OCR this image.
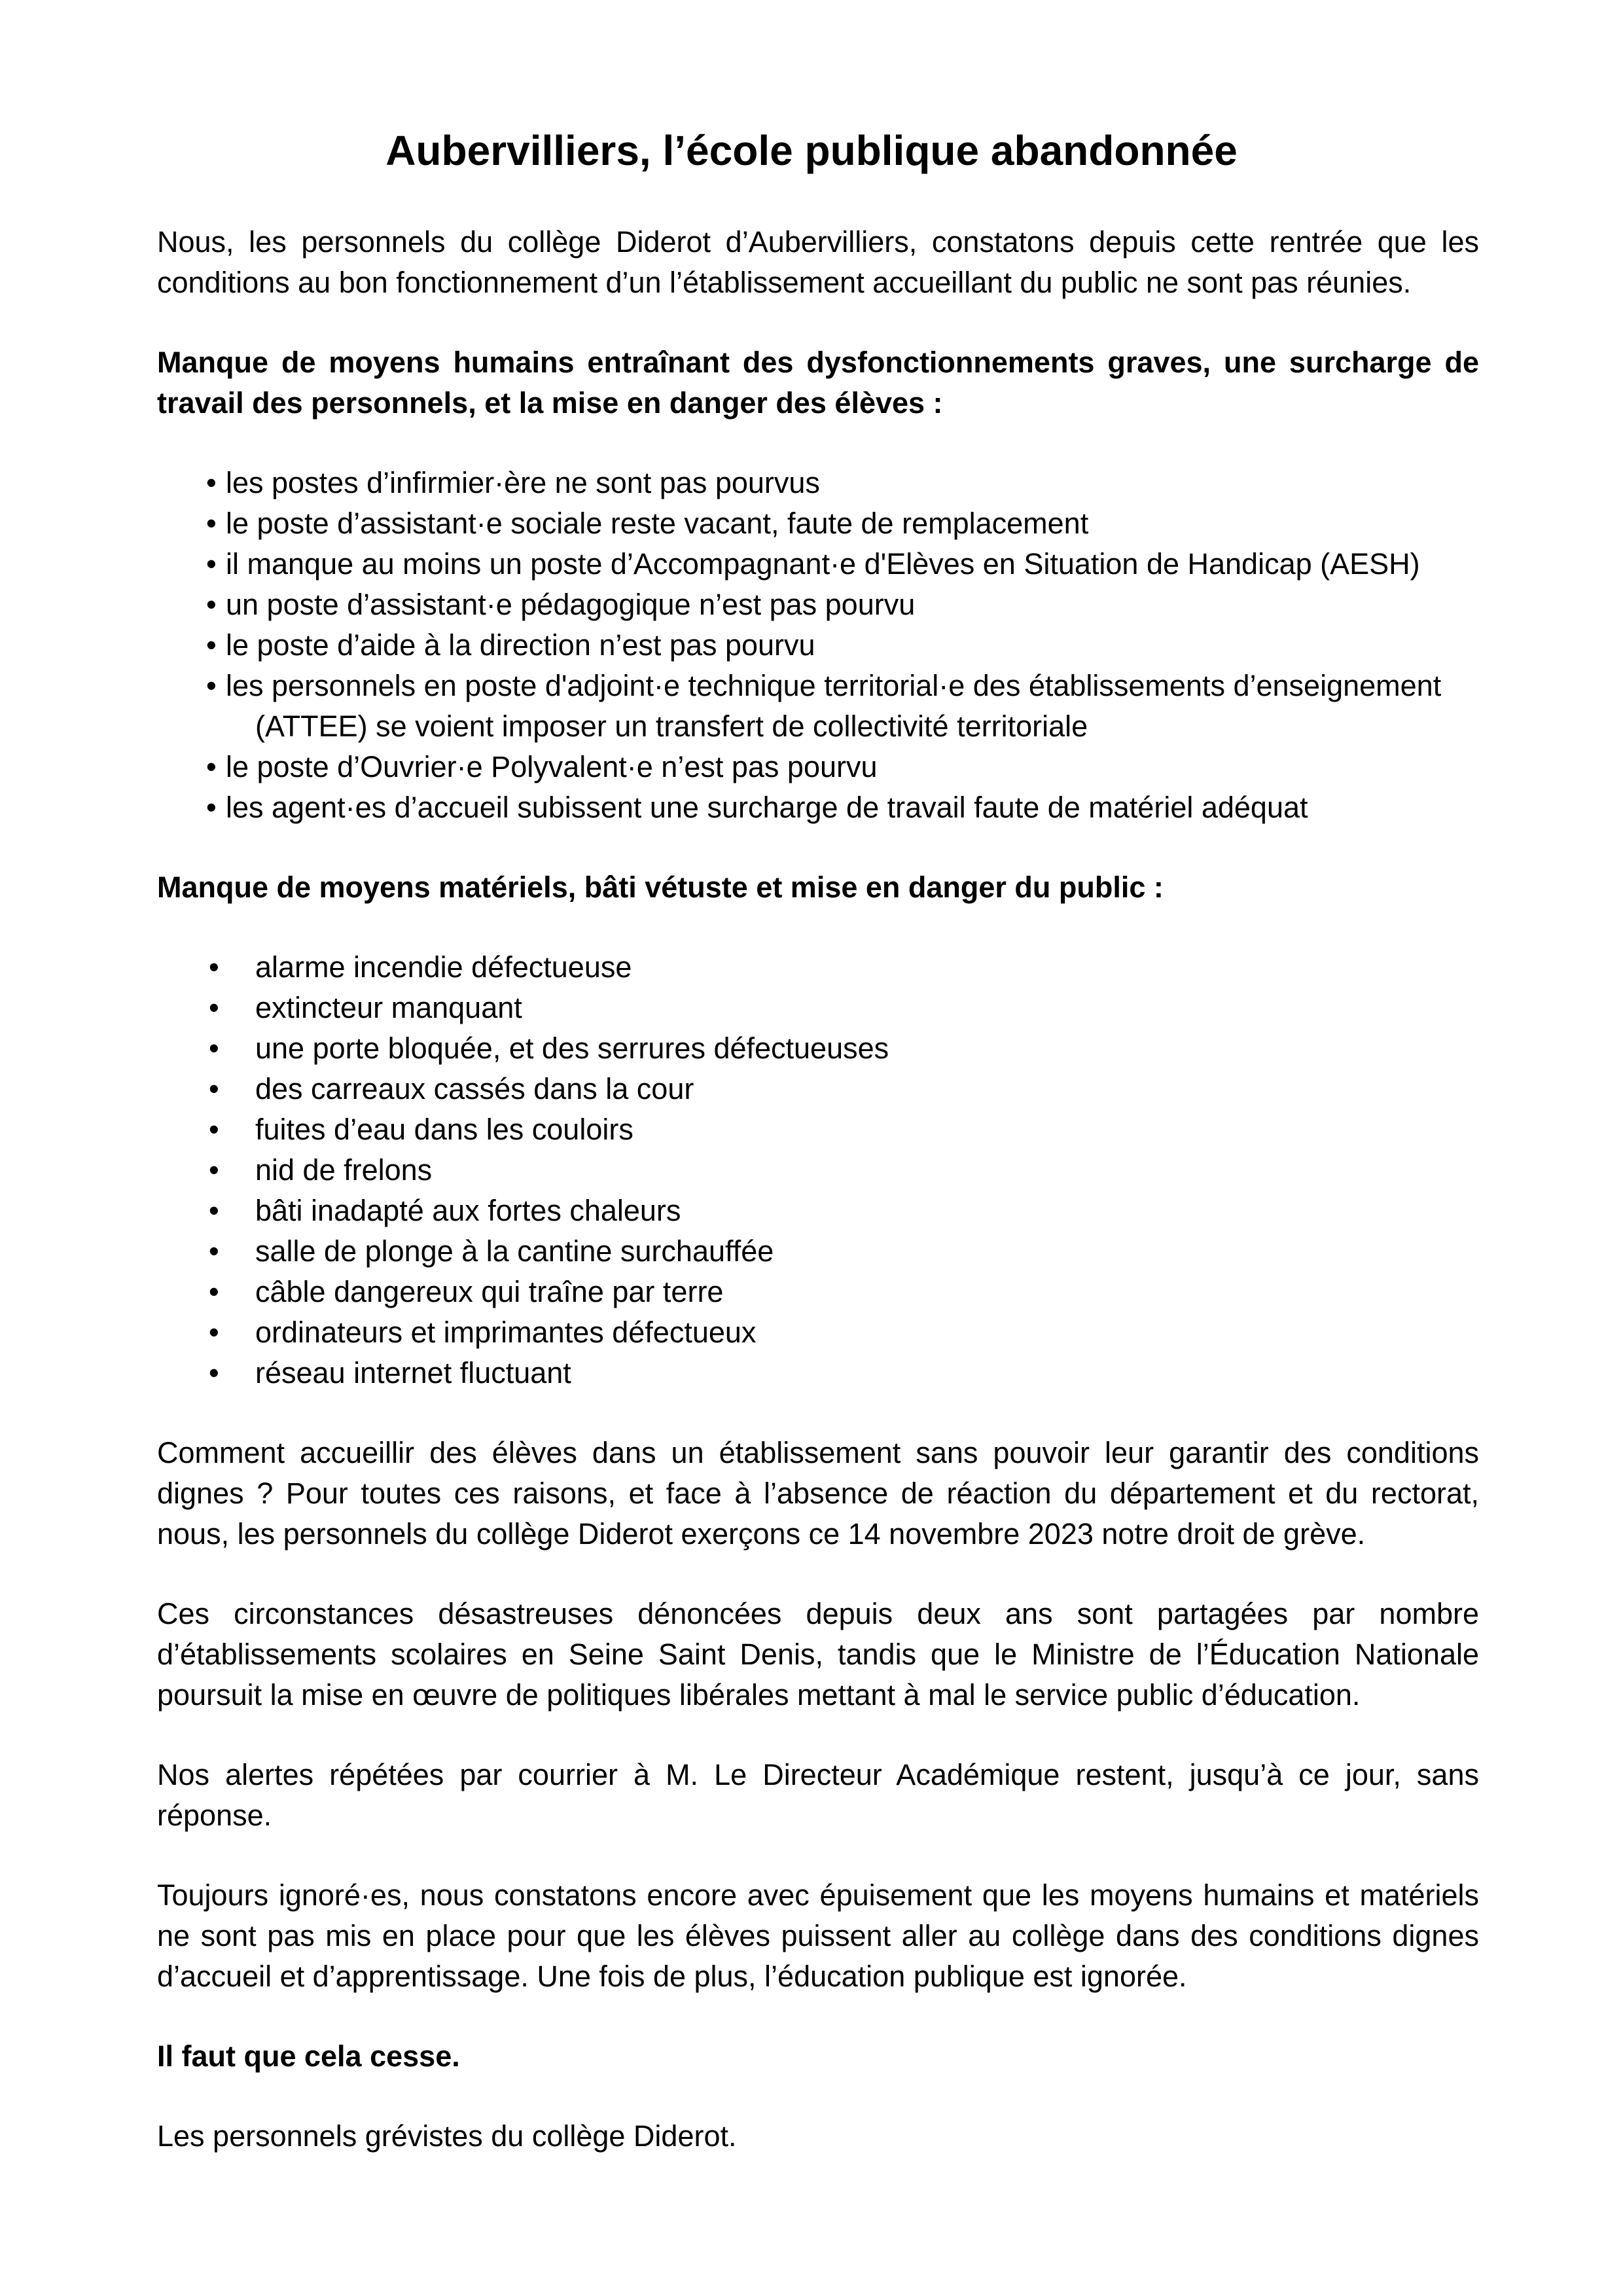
Aubervilliers, l’école publique abandonnée

Nous, les personnels du collège Diderot d’Aubervilliers, constatons depuis cette rentrée que les conditions au bon fonctionnement d’un l’établissement accueillant du public ne sont pas réunies.

Manque de moyens humains entraînant des dysfonctionnements graves, une surcharge de travail des personnels, et la mise en danger des élèves :

• les postes d’infirmier·ère ne sont pas pourvus
• le poste d’assistant·e sociale reste vacant, faute de remplacement
• il manque au moins un poste d’Accompagnant·e d'Elèves en Situation de Handicap (AESH)
• un poste d’assistant·e pédagogique n’est pas pourvu
• le poste d’aide à la direction n’est pas pourvu
• les personnels en poste d'adjoint·e technique territorial·e des établissements d’enseignement
(ATTEE) se voient imposer un transfert de collectivité territoriale
• le poste d’Ouvrier·e Polyvalent·e n’est pas pourvu
• les agent·es d’accueil subissent une surcharge de travail faute de matériel adéquat

Manque de moyens matériels, bâti vétuste et mise en danger du public :

• alarme incendie défectueuse
• extincteur manquant
• une porte bloquée, et des serrures défectueuses
• des carreaux cassés dans la cour
• fuites d’eau dans les couloirs
• nid de frelons
• bâti inadapté aux fortes chaleurs
• salle de plonge à la cantine surchauffée
• câble dangereux qui traîne par terre
• ordinateurs et imprimantes défectueux
• réseau internet fluctuant

Comment accueillir des élèves dans un établissement sans pouvoir leur garantir des conditions dignes ? Pour toutes ces raisons, et face à l’absence de réaction du département et du rectorat, nous, les personnels du collège Diderot exerçons ce 14 novembre 2023 notre droit de grève.

Ces circonstances désastreuses dénoncées depuis deux ans sont partagées par nombre d’établissements scolaires en Seine Saint Denis, tandis que le Ministre de l’Éducation Nationale poursuit la mise en œuvre de politiques libérales mettant à mal le service public d’éducation.

Nos alertes répétées par courrier à M. Le Directeur Académique restent, jusqu’à ce jour, sans réponse.

Toujours ignoré·es, nous constatons encore avec épuisement que les moyens humains et matériels ne sont pas mis en place pour que les élèves puissent aller au collège dans des conditions dignes d’accueil et d’apprentissage. Une fois de plus, l’éducation publique est ignorée.

Il faut que cela cesse.

Les personnels grévistes du collège Diderot.
